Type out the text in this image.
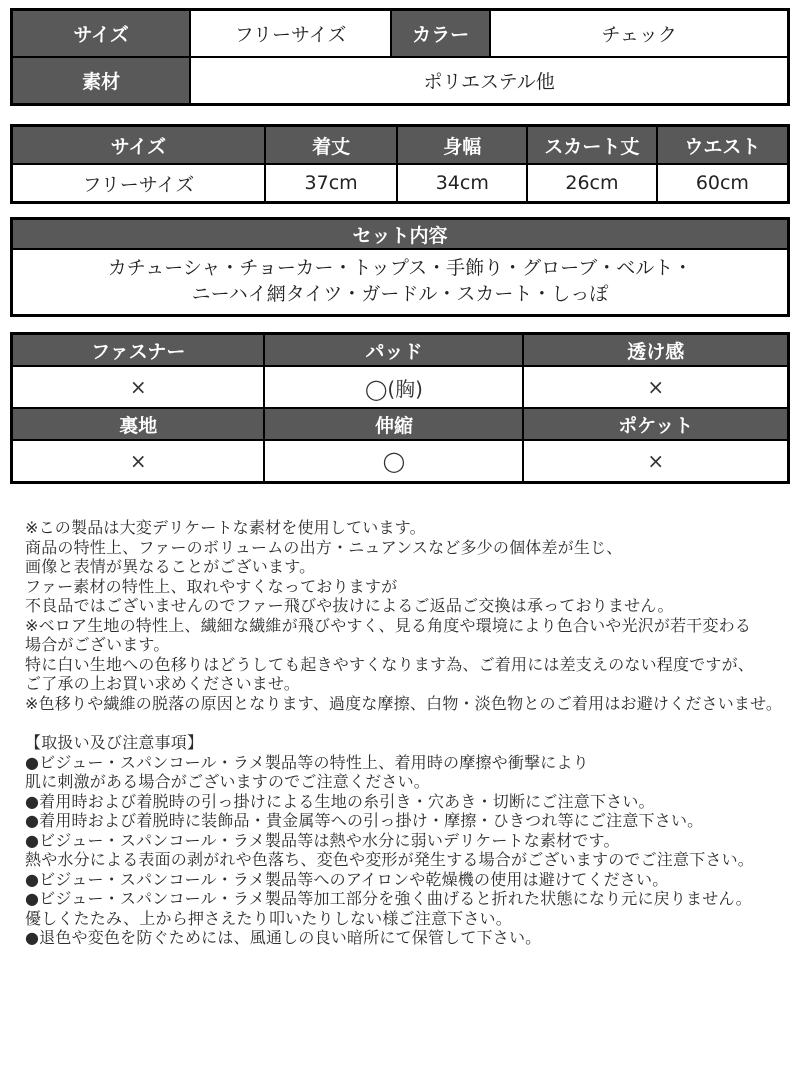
サイズ	フリーサイズ	カラー	チェック
素材	ポリエステル他		
サイズ	着丈	身幅	スカート丈	ウエスト
フリーサイズ	37cm	34cm	26cm	60cm
セット内容

カチューシャ・チョーカー・トップス・手飾り・グローブ・ベルト・
ニーハイ網タイツ・ガードル・スカート・しっぽ
ファスナー	パッド	透け感
×	◯(胸)	×
裏地	伸縮	ポケット
×	◯	×
※この製品は大変デリケートな素材を使用しています。
商品の特性上、ファーのボリュームの出方・ニュアンスなど多少の個体差が生じ、
画像と表情が異なることがございます。
ファー素材の特性上、取れやすくなっておりますが
不良品ではございませんのでファー飛びや抜けによるご返品ご交換は承っておりません。
※ベロア生地の特性上、繊細な繊維が飛びやすく、見る角度や環境により色合いや光沢が若干変わる
場合がございます。
特に白い生地への色移りはどうしても起きやすくなります為、ご着用には差支えのない程度ですが、
ご了承の上お買い求めくださいませ。
※色移りや繊維の脱落の原因となります、過度な摩擦、白物・淡色物とのご着用はお避けくださいませ。
【取扱い及び注意事項】
●ビジュー・スパンコール・ラメ製品等の特性上、着用時の摩擦や衝撃により
肌に刺激がある場合がございますのでご注意ください。
●着用時および着脱時の引っ掛けによる生地の糸引き・穴あき・切断にご注意下さい。
●着用時および着脱時に装飾品・貴金属等への引っ掛け・摩擦・ひきつれ等にご注意下さい。
●ビジュー・スパンコール・ラメ製品等は熱や水分に弱いデリケートな素材です。
熱や水分による表面の剥がれや色落ち、変色や変形が発生する場合がございますのでご注意下さい。
●ビジュー・スパンコール・ラメ製品等へのアイロンや乾燥機の使用は避けてください。
●ビジュー・スパンコール・ラメ製品等加工部分を強く曲げると折れた状態になり元に戻りません。
優しくたたみ、上から押さえたり叩いたりしない様ご注意下さい。
●退色や変色を防ぐためには、風通しの良い暗所にて保管して下さい。
